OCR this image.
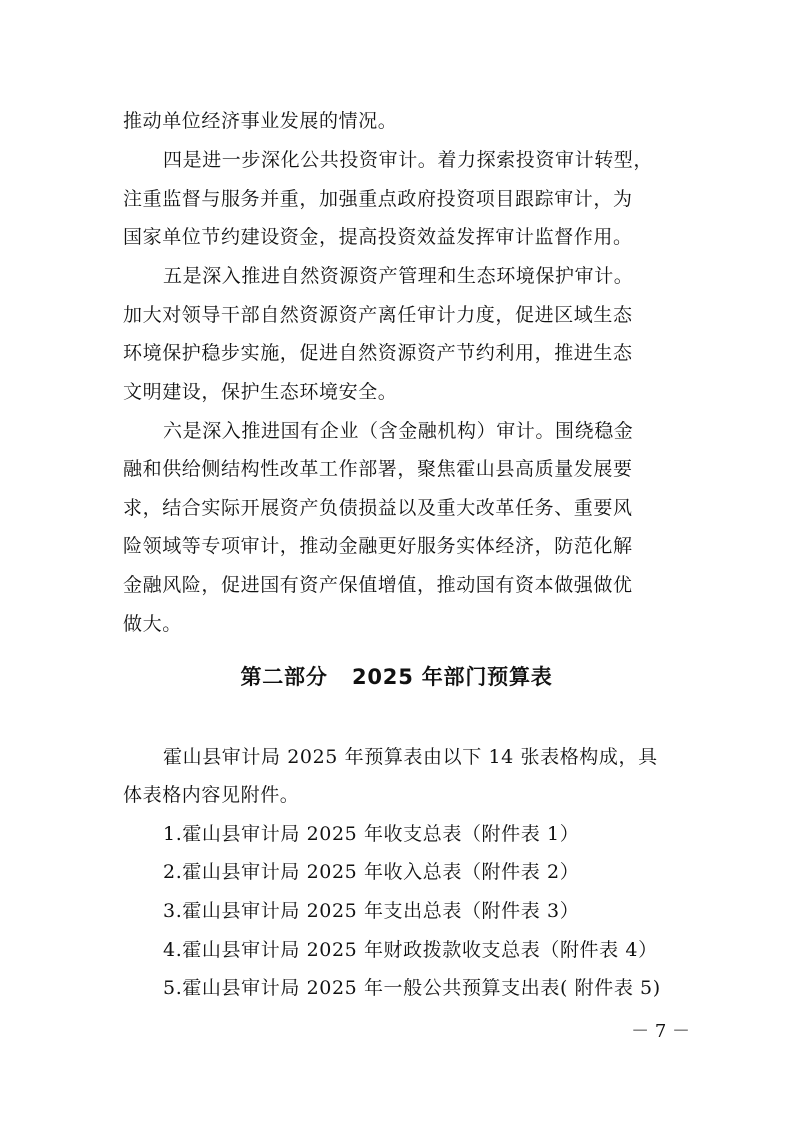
推动单位经济事业发展的情况。
四是进一步深化公共投资审计。着力探索投资审计转型，
注重监督与服务并重，加强重点政府投资项目跟踪审计，为
国家单位节约建设资金，提高投资效益发挥审计监督作用。
五是深入推进自然资源资产管理和生态环境保护审计。
加大对领导干部自然资源资产离任审计力度，促进区域生态
环境保护稳步实施，促进自然资源资产节约利用，推进生态
文明建设，保护生态环境安全。
六是深入推进国有企业（含金融机构）审计。围绕稳金
融和供给侧结构性改革工作部署，聚焦霍山县高质量发展要
求，结合实际开展资产负债损益以及重大改革任务、重要风
险领域等专项审计，推动金融更好服务实体经济，防范化解
金融风险，促进国有资产保值增值，推动国有资本做强做优
做大。
第二部分   2025 年部门预算表
霍山县审计局 2025 年预算表由以下 14 张表格构成，具
体表格内容见附件。
1.霍山县审计局 2025 年收支总表（附件表 1）
2.霍山县审计局 2025 年收入总表（附件表 2）
3.霍山县审计局 2025 年支出总表（附件表 3）
4.霍山县审计局 2025 年财政拨款收支总表（附件表 4）
5.霍山县审计局 2025 年一般公共预算支出表( 附件表 5)
－ 7 －
